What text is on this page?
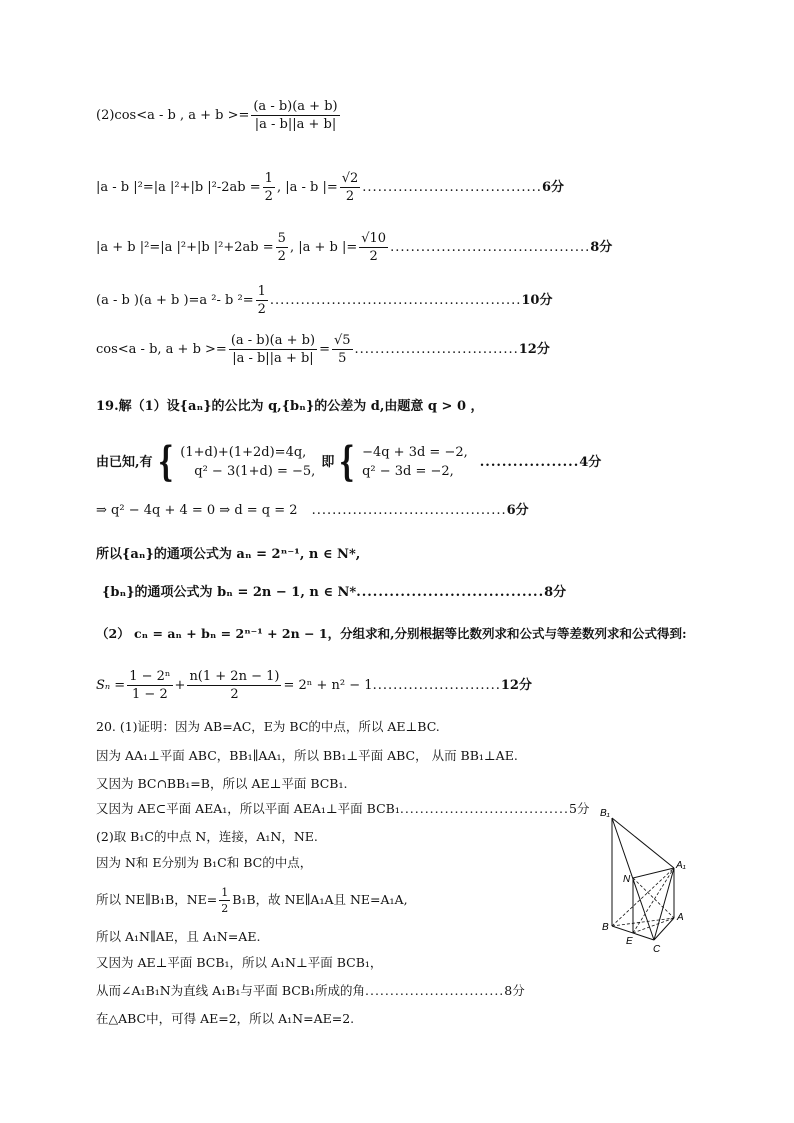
(2)cos<a - b , $a + b >= \frac{(a - b)(a + b)}{|a - b||a + b|}$
|a - b |²=|a |²+|b $|^2-2ab = \frac{1}{2}$ , |a - b |= $\frac{√2}{2}$ ................................... 6分
|a + b |²=|a |²+|b $|^2+2ab = \frac{5}{2}$ , |a + b |= $\frac{√10}{2}$ ....................................... 8分
(a - b )(a + b )=a ²- b $^2= \frac{1}{2}$ ................................................. 10分
cos<a - b, $a + b >= \frac{(a - b)(a + b)}{|a - b||a + b|} = \frac{√5}{5}$ ................................ 12分
19.解（1）设{aₙ}的公比为 q,{bₙ}的公差为 d,由题意 q > 0 ，
由已知,有 { (1+d)+(1+2d)=4q,
q² − 3(1+d) = −5,
即 { −4q + 3d = −2,
q² − 3d = −2,
.................. 4分
⇒ q² − 4q + 4 = 0 ⇒ d = q = 2 ...................................... 6分
所以{aₙ}的通项公式为 aₙ = 2ⁿ⁻¹, n ∈ N*,
{bₙ}的通项公式为 bₙ = 2n − 1, n ∈ N* .................................. 8分
（2） cₙ = aₙ + bₙ = 2ⁿ⁻¹ + 2n − 1，分组求和,分别根据等比数列求和公式与等差数列求和公式得到:
$S_n = \frac{\text{1 − 2ⁿ}}{1 - 2} + \frac{n(1 + 2n - 1)}{2} = 2^n + n^2 - 1$ ......................... 12分
20. (1)证明：因为 AB=AC，E为 BC的中点，所以 AE⊥BC.
因为 AA₁⊥平面 ABC，BB₁∥AA₁，所以 BB₁⊥平面 ABC， 从而 BB₁⊥AE.
又因为 BC∩BB₁=B，所以 AE⊥平面 BCB₁.
又因为 AE⊂平面 AEA₁，所以平面 AEA₁⊥平面 BCB₁ .................................. 5分
(2)取 B₁C的中点 N，连接，A₁N，NE.
因为 N和 E分别为 B₁C和 BC的中点，
所以 NE∥B₁B，$NE= \frac{1}{2} B_1B$，故 NE∥A₁A且 NE=A₁A,
所以 A₁N∥AE，且 A₁N=AE.
又因为 AE⊥平面 BCB₁，所以 A₁N⊥平面 BCB₁，
从而∠A₁B₁N为直线 A₁B₁与平面 BCB₁所成的角 ............................ 8分
在△ABC中，可得 AE=2，所以 A₁N=AE=2.
B₁
A₁
N
A
B
E
C
